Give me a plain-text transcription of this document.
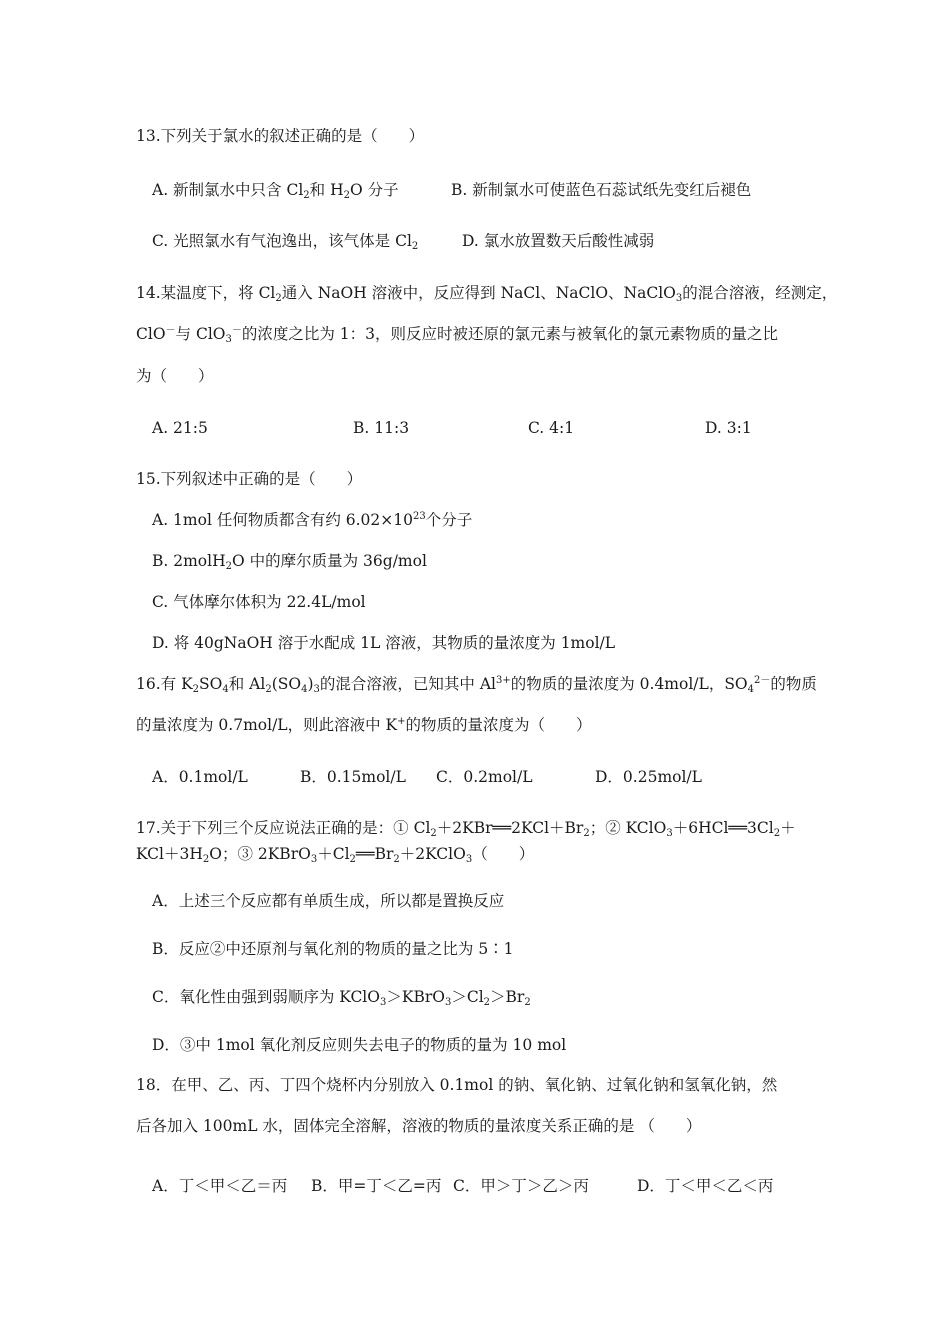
13.下列关于氯水的叙述正确的是（　　）
A. 新制氯水中只含 $Cl_2$和 $H_2O$ 分子	B. 新制氯水可使蓝色石蕊试纸先变红后褪色
C. 光照氯水有气泡逸出，该气体是 $Cl_2$	D. 氯水放置数天后酸性减弱
14.某温度下，将 $Cl_2$通入 NaOH 溶液中，反应得到 NaCl、NaClO、NaClO$_3$的混合溶液，经测定，
ClO－与 ClO$_3$－的浓度之比为 1：3，则反应时被还原的氯元素与被氧化的氯元素物质的量之比
为（　　）
A. 21:5	B. 11:3	C. 4:1	D. 3:1
15.下列叙述中正确的是（　　）
A. 1mol 任何物质都含有约 $6.02\times 10^{23}$个分子
B. 2molH$_2$O 中的摩尔质量为 36g/mol
C. 气体摩尔体积为 22.4L/mol
D. 将 40gNaOH 溶于水配成 1L 溶液，其物质的量浓度为 1mol/L
16.有 $K_2SO_4$和 $Al_2(SO_4)_3$的混合溶液，已知其中 $Al^{3+}$的物质的量浓度为 0.4mol/L，$SO_4^{2-}$的物质
的量浓度为 0.7mol/L，则此溶液中 K+的物质的量浓度为（　　）
A．0.1mol/L	B．0.15mol/L C．0.2mol/L	D．0.25mol/L
17.关于下列三个反应说法正确的是：① $Cl_2+2KBr══2KCl+Br_2$；② $KClO_3+6HCl══3Cl_2+$
$KCl+3H_2O$；③ $2KBrO_3+Cl_2══Br_2+2KClO_3$（　　）
A．上述三个反应都有单质生成，所以都是置换反应
B．反应②中还原剂与氧化剂的物质的量之比为 5∶1
C．氧化性由强到弱顺序为 $KClO_3>KBrO_3>Cl_2>Br_2$
D．③中 1mol 氧化剂反应则失去电子的物质的量为 10 mol
18．在甲、乙、丙、丁四个烧杯内分别放入 0.1mol 的钠、氧化钠、过氧化钠和氢氧化钠，然
后各加入 100mL 水，固体完全溶解，溶液的物质的量浓度关系正确的是 （　　）
A．丁＜甲＜乙＝丙 B．甲=丁＜乙=丙 C．甲＞丁＞乙＞丙	D．丁＜甲＜乙＜丙
